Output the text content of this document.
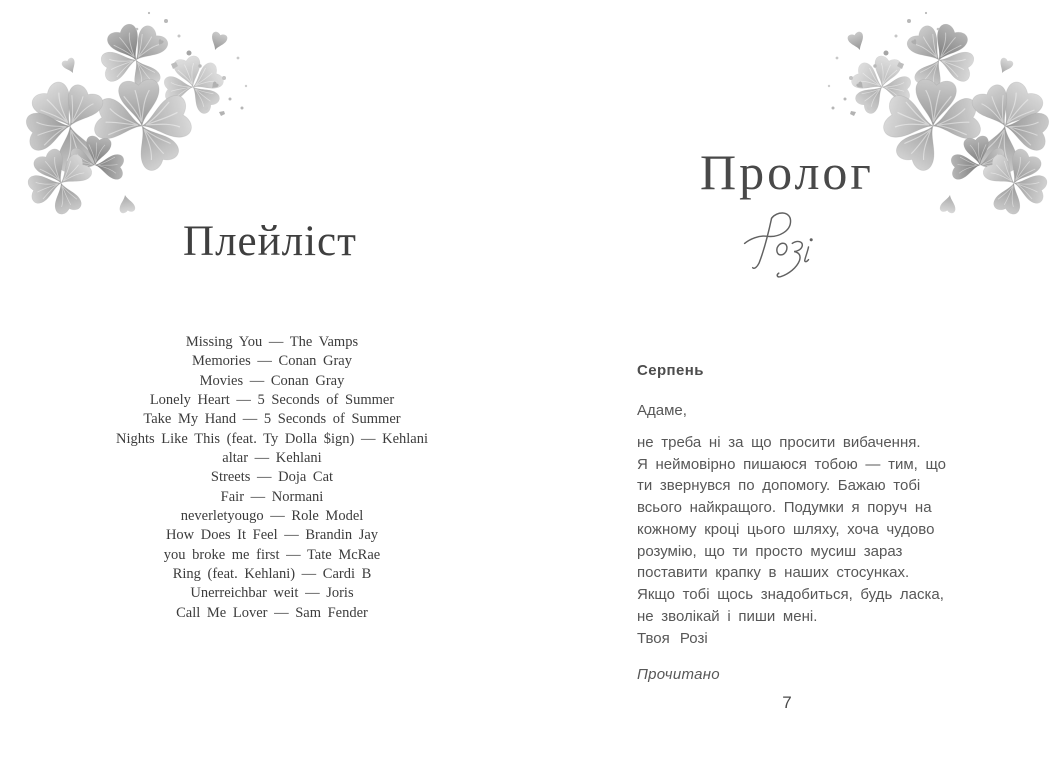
Плейліст
Missing You — The Vamps
Memories — Conan Gray
Movies — Conan Gray
Lonely Heart — 5 Seconds of Summer
Take My Hand — 5 Seconds of Summer
Nights Like This (feat. Ty Dolla $ign) — Kehlani
altar — Kehlani
Streets — Doja Cat
Fair — Normani
neverletyougo — Role Model
How Does It Feel — Brandin Jay
you broke me first — Tate McRae
Ring (feat. Kehlani) — Cardi B
Unerreichbar weit — Joris
Call Me Lover — Sam Fender
Пролог
Серпень
Адаме,
не треба ні за що просити вибачення.
Я неймовірно пишаюся тобою — тим, що
ти звернувся по допомогу. Бажаю тобі
всього найкращого. Подумки я поруч на
кожному кроці цього шляху, хоча чудово
розумію, що ти просто мусиш зараз
поставити крапку в наших стосунках.
Якщо тобі щось знадобиться, будь ласка,
не зволікай і пиши мені.
Твоя Розі
Прочитано
7
